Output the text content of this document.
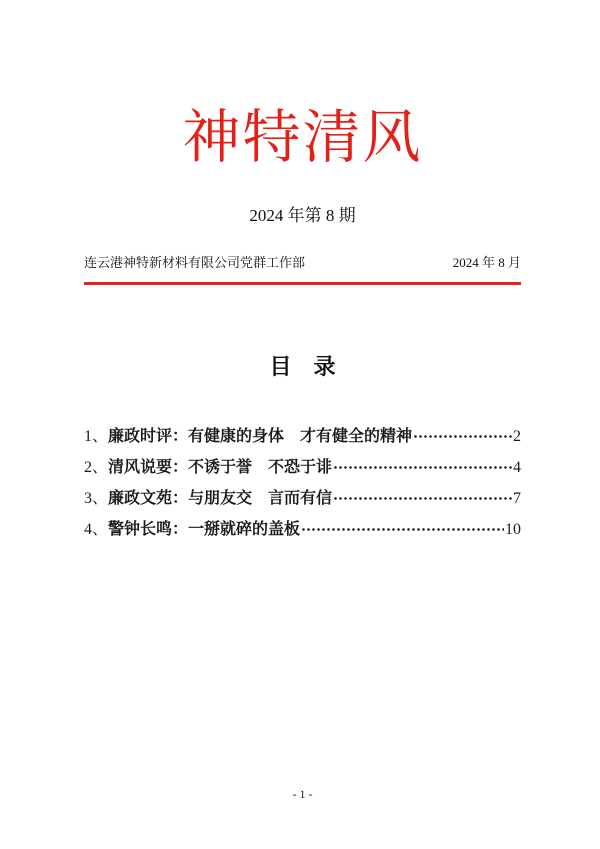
神特清风
2024 年第 8 期
连云港神特新材料有限公司党群工作部	2024 年 8 月
目　录
1、 廉政时评：有健康的身体　才有健全的精神	2
2、 清风说要：不诱于誉　不恐于诽	4
3、 廉政文苑：与朋友交　言而有信	7
4、 警钟长鸣：一掰就碎的盖板	10
- 1 -
